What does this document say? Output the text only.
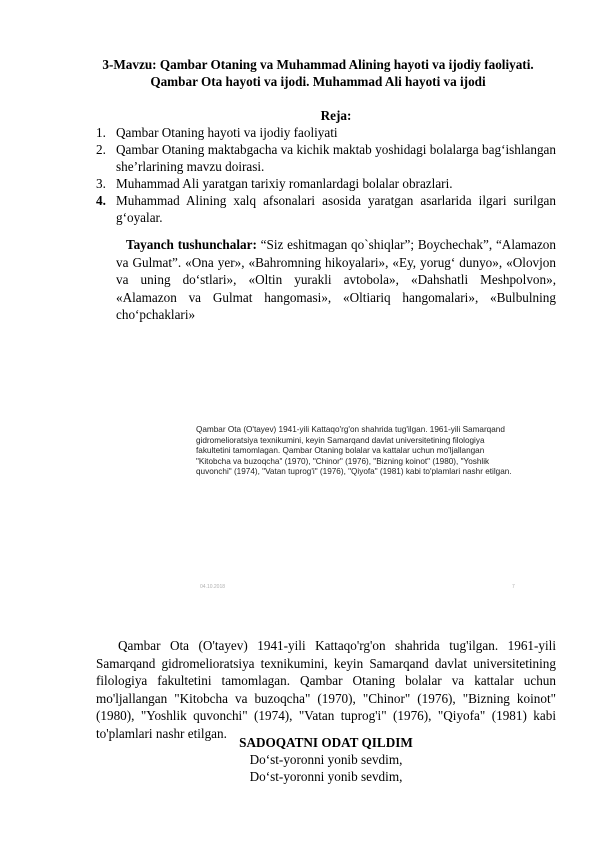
3-Mavzu: Qambar Otaning va Muhammad Alining hayoti va ijodiy faoliyati.
Qambar Ota hayoti va ijodi. Muhammad Ali hayoti va ijodi
Reja:
1. Qambar Otaning hayoti va ijodiy faoliyati
2. Qambar Otaning maktabgacha va kichik maktab yoshidagi bolalarga bag‘ishlangan she’rlarining mavzu doirasi.
3. Muhammad Ali yaratgan tarixiy romanlardagi bolalar obrazlari.
4. Muhammad Alining xalq afsonalari asosida yaratgan asarlarida ilgari surilgan g‘oyalar.
Tayanch tushunchalar: “Siz eshitmagan qo`shiqlar”; Boychechak”, “Alamazon va Gulmat”. «Ona yer», «Bahromning hikoyalari», «Ey, yorug‘ dunyo», «Olovjon va uning do‘stlari», «Oltin yurakli avtobola», «Dahshatli Meshpolvon», «Alamazon va Gulmat hangomasi», «Oltiariq hangomalari», «Bulbulning cho‘pchaklari»
Qambar Ota (O'tayev) 1941-yili Kattaqo'rg'on shahrida tug'ilgan. 1961-yili Samarqand gidromelioratsiya texnikumini, keyin Samarqand davlat universitetining filologiya fakultetini tamomlagan. Qambar Otaning bolalar va kattalar uchun mo'ljallangan "Kitobcha va buzoqcha" (1970), "Chinor" (1976), "Bizning koinot" (1980), "Yoshlik quvonchi" (1974), "Vatan tuprog'i" (1976), "Qiyofa" (1981) kabi to'plamlari nashr etilgan.
04.10.2018	7
Qambar Ota (O'tayev) 1941-yili Kattaqo'rg'on shahrida tug'ilgan. 1961-yili Samarqand gidromelioratsiya texnikumini, keyin Samarqand davlat universitetining filologiya fakultetini tamomlagan. Qambar Otaning bolalar va kattalar uchun mo'ljallangan "Kitobcha va buzoqcha" (1970), "Chinor" (1976), "Bizning koinot" (1980), "Yoshlik quvonchi" (1974), "Vatan tuprog'i" (1976), "Qiyofa" (1981) kabi to'plamlari nashr etilgan.
SADOQATNI ODAT QILDIM
Do‘st-yoronni yonib sevdim,
Do‘st-yoronni yonib sevdim,
